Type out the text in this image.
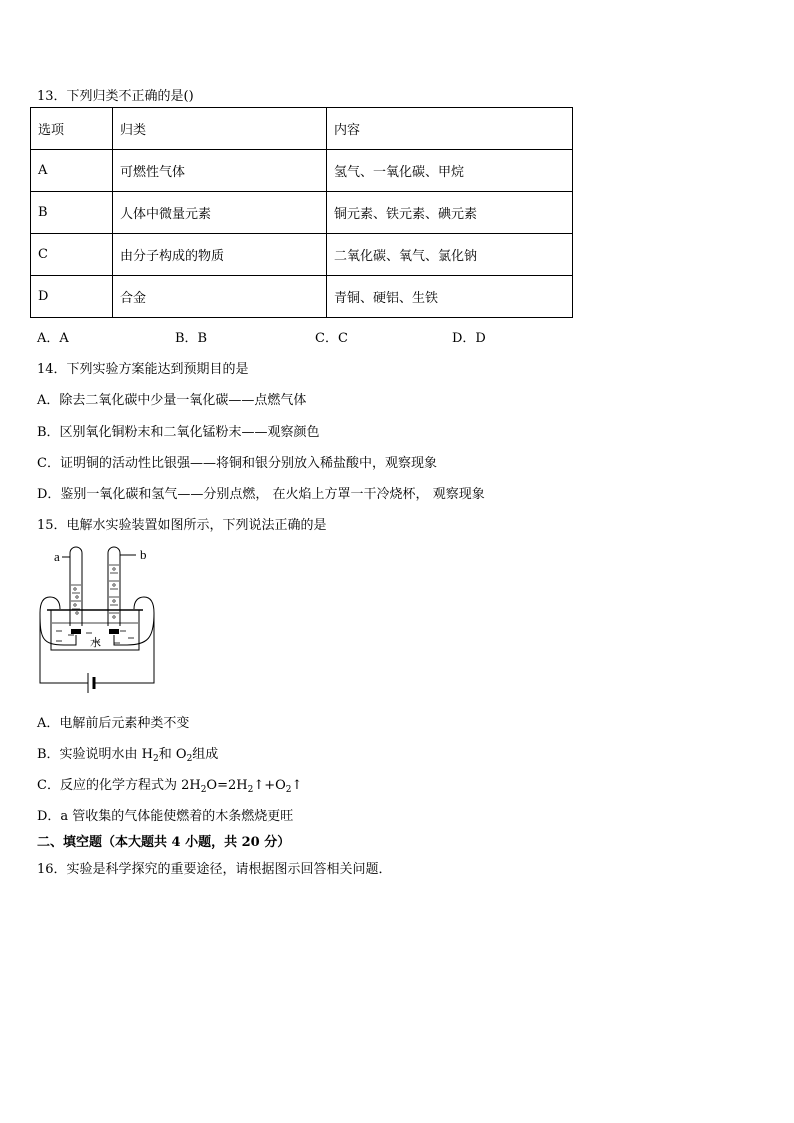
13．下列归类不正确的是()
选项	归类	内容
A	可燃性气体	氢气、一氧化碳、甲烷
B	人体中微量元素	铜元素、铁元素、碘元素
C	由分子构成的物质	二氧化碳、氧气、氯化钠
D	合金	青铜、硬铝、生铁
A．A	B．B	C．C	D．D
14．下列实验方案能达到预期目的是
A．除去二氧化碳中少量一氧化碳——点燃气体
B．区别氧化铜粉末和二氧化锰粉末——观察颜色
C．证明铜的活动性比银强——将铜和银分别放入稀盐酸中，观察现象
D．鉴别一氧化碳和氢气——分别点燃， 在火焰上方罩一干冷烧杯， 观察现象
15．电解水实验装置如图所示，下列说法正确的是
a	b
水
A．电解前后元素种类不变
B．实验说明水由 $H_2$和 $O_2$组成
C．反应的化学方程式为 $2H_2O=2H_2↑+O_2↑$
D．a 管收集的气体能使燃着的木条燃烧更旺
二、填空题（本大题共 4 小题，共 20 分）
16．实验是科学探究的重要途径，请根据图示回答相关问题．
